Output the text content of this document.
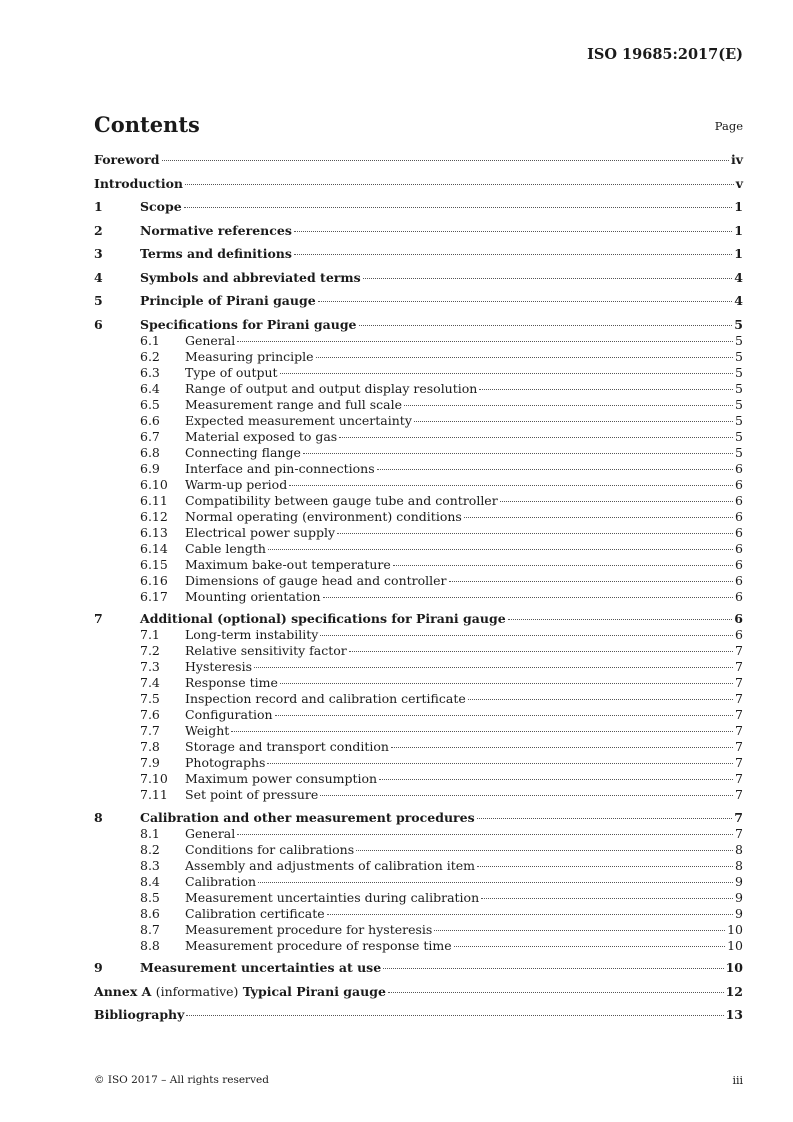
ISO 19685:2017(E)
Contents	Page
Foreword	iv
Introduction	v
1	Scope	1
2	Normative references	1
3	Terms and definitions	1
4	Symbols and abbreviated terms	4
5	Principle of Pirani gauge	4
6	Specifications for Pirani gauge	5
6.1	General	5
6.2	Measuring principle	5
6.3	Type of output	5
6.4	Range of output and output display resolution	5
6.5	Measurement range and full scale	5
6.6	Expected measurement uncertainty	5
6.7	Material exposed to gas	5
6.8	Connecting flange	5
6.9	Interface and pin-connections	6
6.10	Warm-up period	6
6.11	Compatibility between gauge tube and controller	6
6.12	Normal operating (environment) conditions	6
6.13	Electrical power supply	6
6.14	Cable length	6
6.15	Maximum bake-out temperature	6
6.16	Dimensions of gauge head and controller	6
6.17	Mounting orientation	6
7	Additional (optional) specifications for Pirani gauge	6
7.1	Long-term instability	6
7.2	Relative sensitivity factor	7
7.3	Hysteresis	7
7.4	Response time	7
7.5	Inspection record and calibration certificate	7
7.6	Configuration	7
7.7	Weight	7
7.8	Storage and transport condition	7
7.9	Photographs	7
7.10	Maximum power consumption	7
7.11	Set point of pressure	7
8	Calibration and other measurement procedures	7
8.1	General	7
8.2	Conditions for calibrations	8
8.3	Assembly and adjustments of calibration item	8
8.4	Calibration	9
8.5	Measurement uncertainties during calibration	9
8.6	Calibration certificate	9
8.7	Measurement procedure for hysteresis	10
8.8	Measurement procedure of response time	10
9	Measurement uncertainties at use	10
Annex A (informative) Typical Pirani gauge	12
Bibliography	13
© ISO 2017 – All rights reserved	iii
